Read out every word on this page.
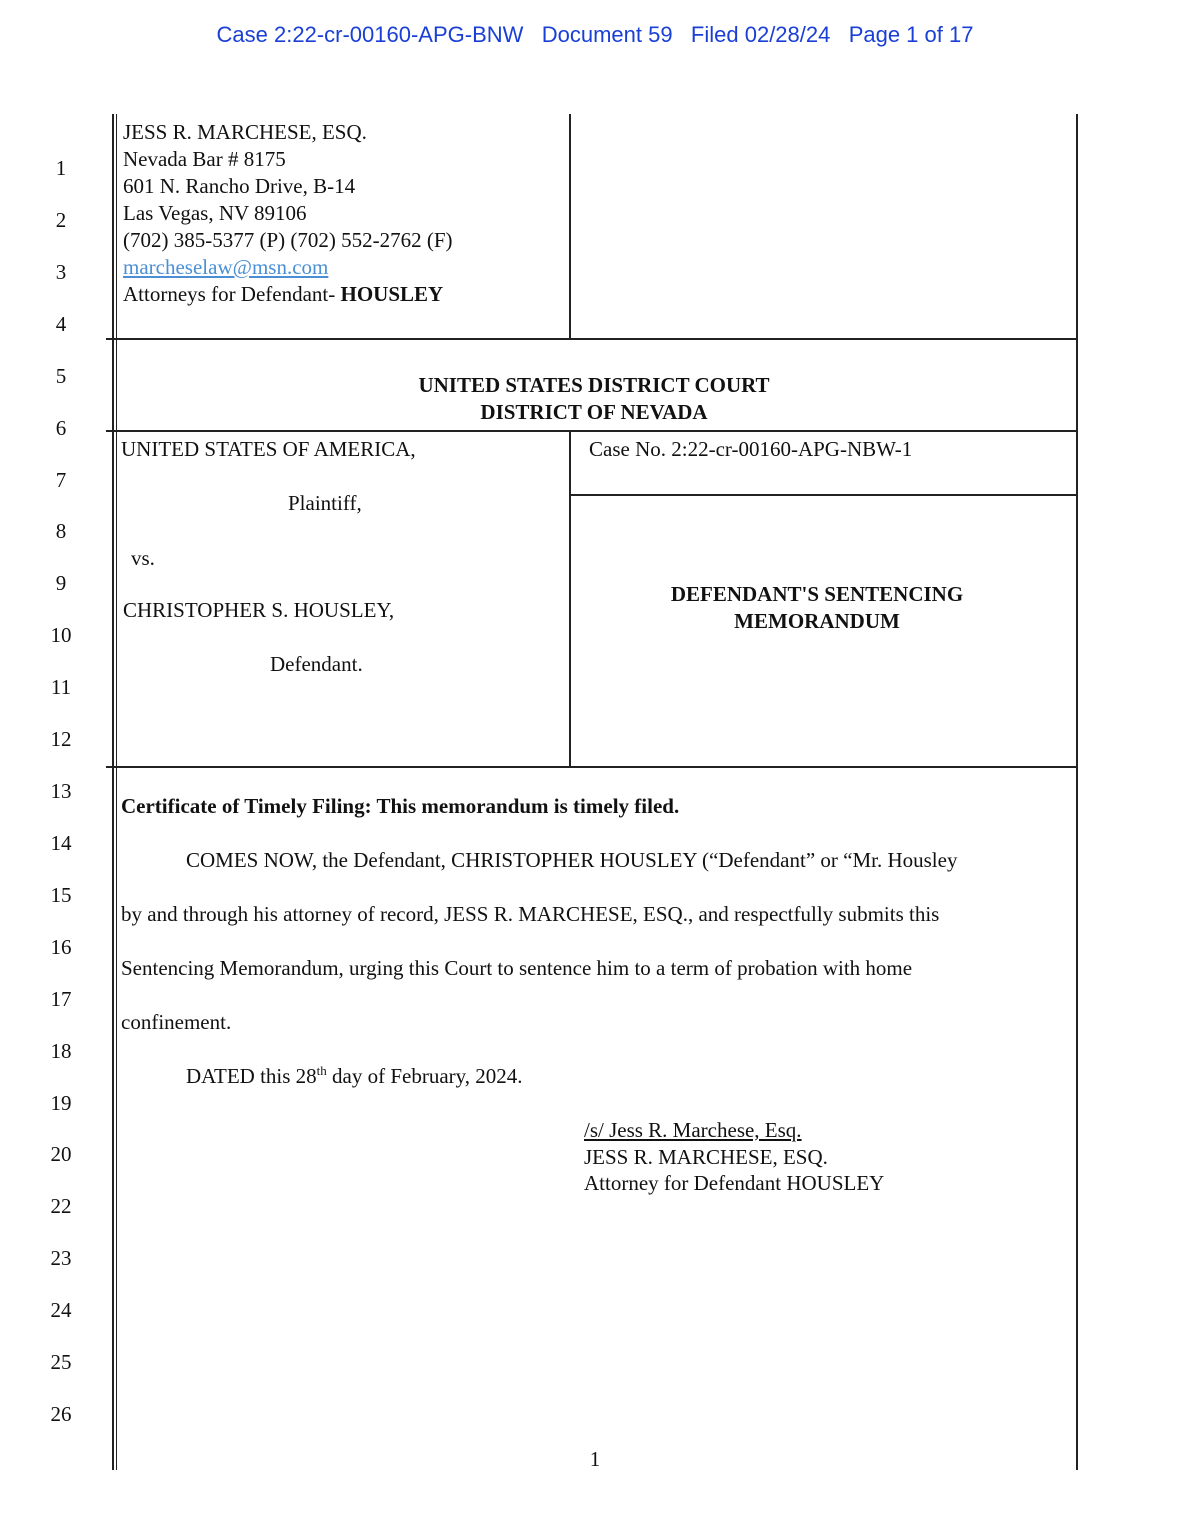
Case 2:22-cr-00160-APG-BNW   Document 59   Filed 02/28/24   Page 1 of 17
1
2
3
4
5
6
7
8
9
10
11
12
13
14
15
16
17
18
19
20
22
23
24
25
26
JESS R. MARCHESE, ESQ.
Nevada Bar # 8175
601 N. Rancho Drive, B-14
Las Vegas, NV 89106
(702) 385-5377 (P) (702) 552-2762 (F)
marcheselaw@msn.com
Attorneys for Defendant- HOUSLEY
UNITED STATES DISTRICT COURT
DISTRICT OF NEVADA
UNITED STATES OF AMERICA,
Plaintiff,
vs.
CHRISTOPHER S. HOUSLEY,
Defendant.
Case No. 2:22-cr-00160-APG-NBW-1
DEFENDANT'S SENTENCING
MEMORANDUM
Certificate of Timely Filing: This memorandum is timely filed.
COMES NOW, the Defendant, CHRISTOPHER HOUSLEY (“Defendant” or “Mr. Housley
by and through his attorney of record, JESS R. MARCHESE, ESQ., and respectfully submits this
Sentencing Memorandum, urging this Court to sentence him to a term of probation with home
confinement.
DATED this 28th day of February, 2024.
/s/ Jess R. Marchese, Esq.
JESS R. MARCHESE, ESQ.
Attorney for Defendant HOUSLEY
1
